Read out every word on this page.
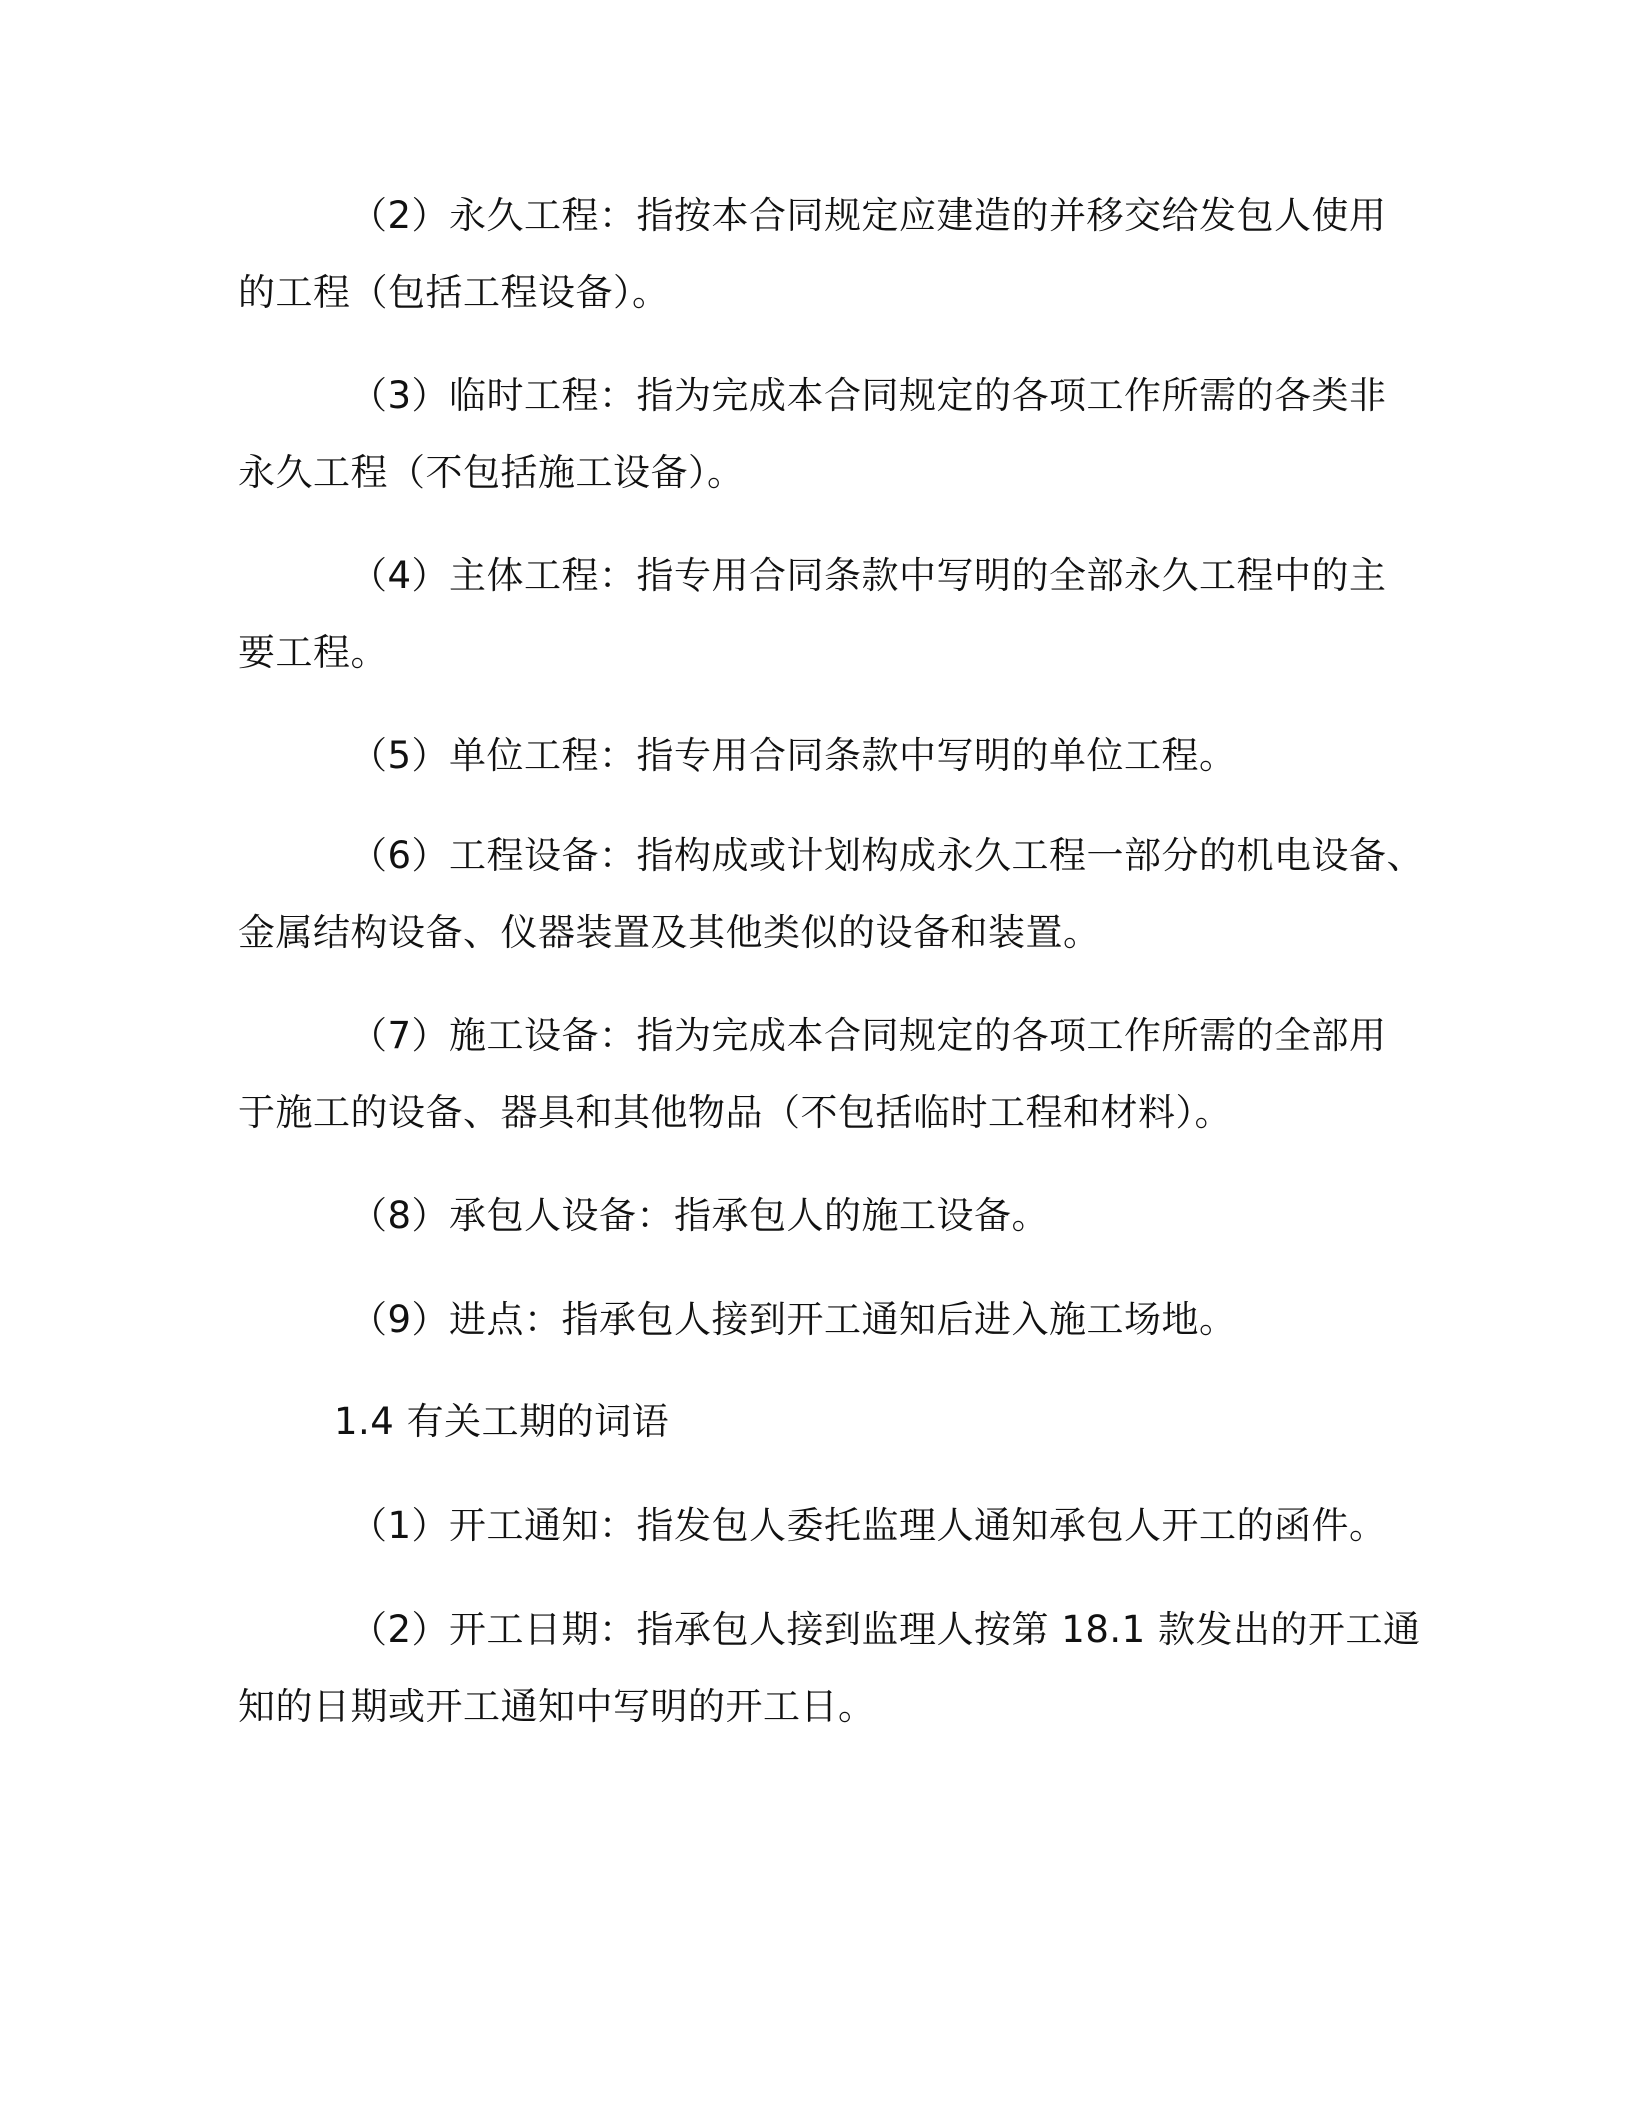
（2）永久工程：指按本合同规定应建造的并移交给发包人使用
的工程（包括工程设备）。
（3）临时工程：指为完成本合同规定的各项工作所需的各类非
永久工程（不包括施工设备）。
（4）主体工程：指专用合同条款中写明的全部永久工程中的主
要工程。
（5）单位工程：指专用合同条款中写明的单位工程。
（6）工程设备：指构成或计划构成永久工程一部分的机电设备、
金属结构设备、仪器装置及其他类似的设备和装置。
（7）施工设备：指为完成本合同规定的各项工作所需的全部用
于施工的设备、器具和其他物品（不包括临时工程和材料）。
（8）承包人设备：指承包人的施工设备。
（9）进点：指承包人接到开工通知后进入施工场地。
1.4 有关工期的词语
（1）开工通知：指发包人委托监理人通知承包人开工的函件。
（2）开工日期：指承包人接到监理人按第 18.1 款发出的开工通
知的日期或开工通知中写明的开工日。
